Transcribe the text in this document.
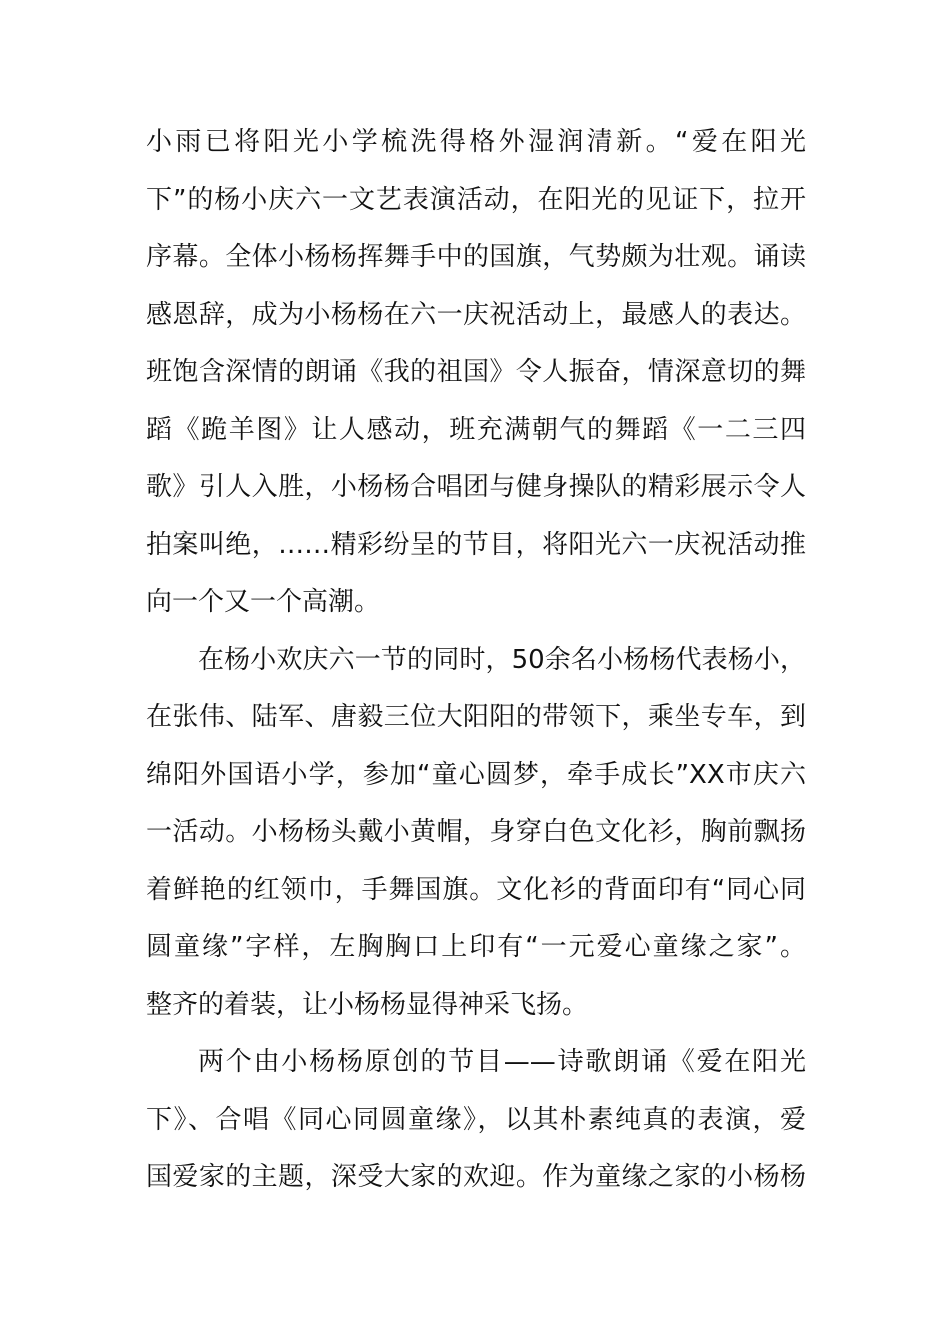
小雨已将阳光小学梳洗得格外湿润清新。“爱在阳光
下”的杨小庆六一文艺表演活动，在阳光的见证下，拉开
序幕。全体小杨杨挥舞手中的国旗，气势颇为壮观。诵读
感恩辞，成为小杨杨在六一庆祝活动上，最感人的表达。
班饱含深情的朗诵《我的祖国》令人振奋，情深意切的舞
蹈《跪羊图》让人感动，班充满朝气的舞蹈《一二三四
歌》引人入胜，小杨杨合唱团与健身操队的精彩展示令人
拍案叫绝，……精彩纷呈的节目，将阳光六一庆祝活动推
向一个又一个高潮。
在杨小欢庆六一节的同时，50余名小杨杨代表杨小，
在张伟、陆军、唐毅三位大阳阳的带领下，乘坐专车，到
绵阳外国语小学，参加“童心圆梦，牵手成长”XX市庆六
一活动。小杨杨头戴小黄帽，身穿白色文化衫，胸前飘扬
着鲜艳的红领巾，手舞国旗。文化衫的背面印有“同心同
圆童缘”字样，左胸胸口上印有“一元爱心童缘之家”。
整齐的着装，让小杨杨显得神采飞扬。
两个由小杨杨原创的节目——诗歌朗诵《爱在阳光
下》、合唱《同心同圆童缘》，以其朴素纯真的表演，爱
国爱家的主题，深受大家的欢迎。作为童缘之家的小杨杨
